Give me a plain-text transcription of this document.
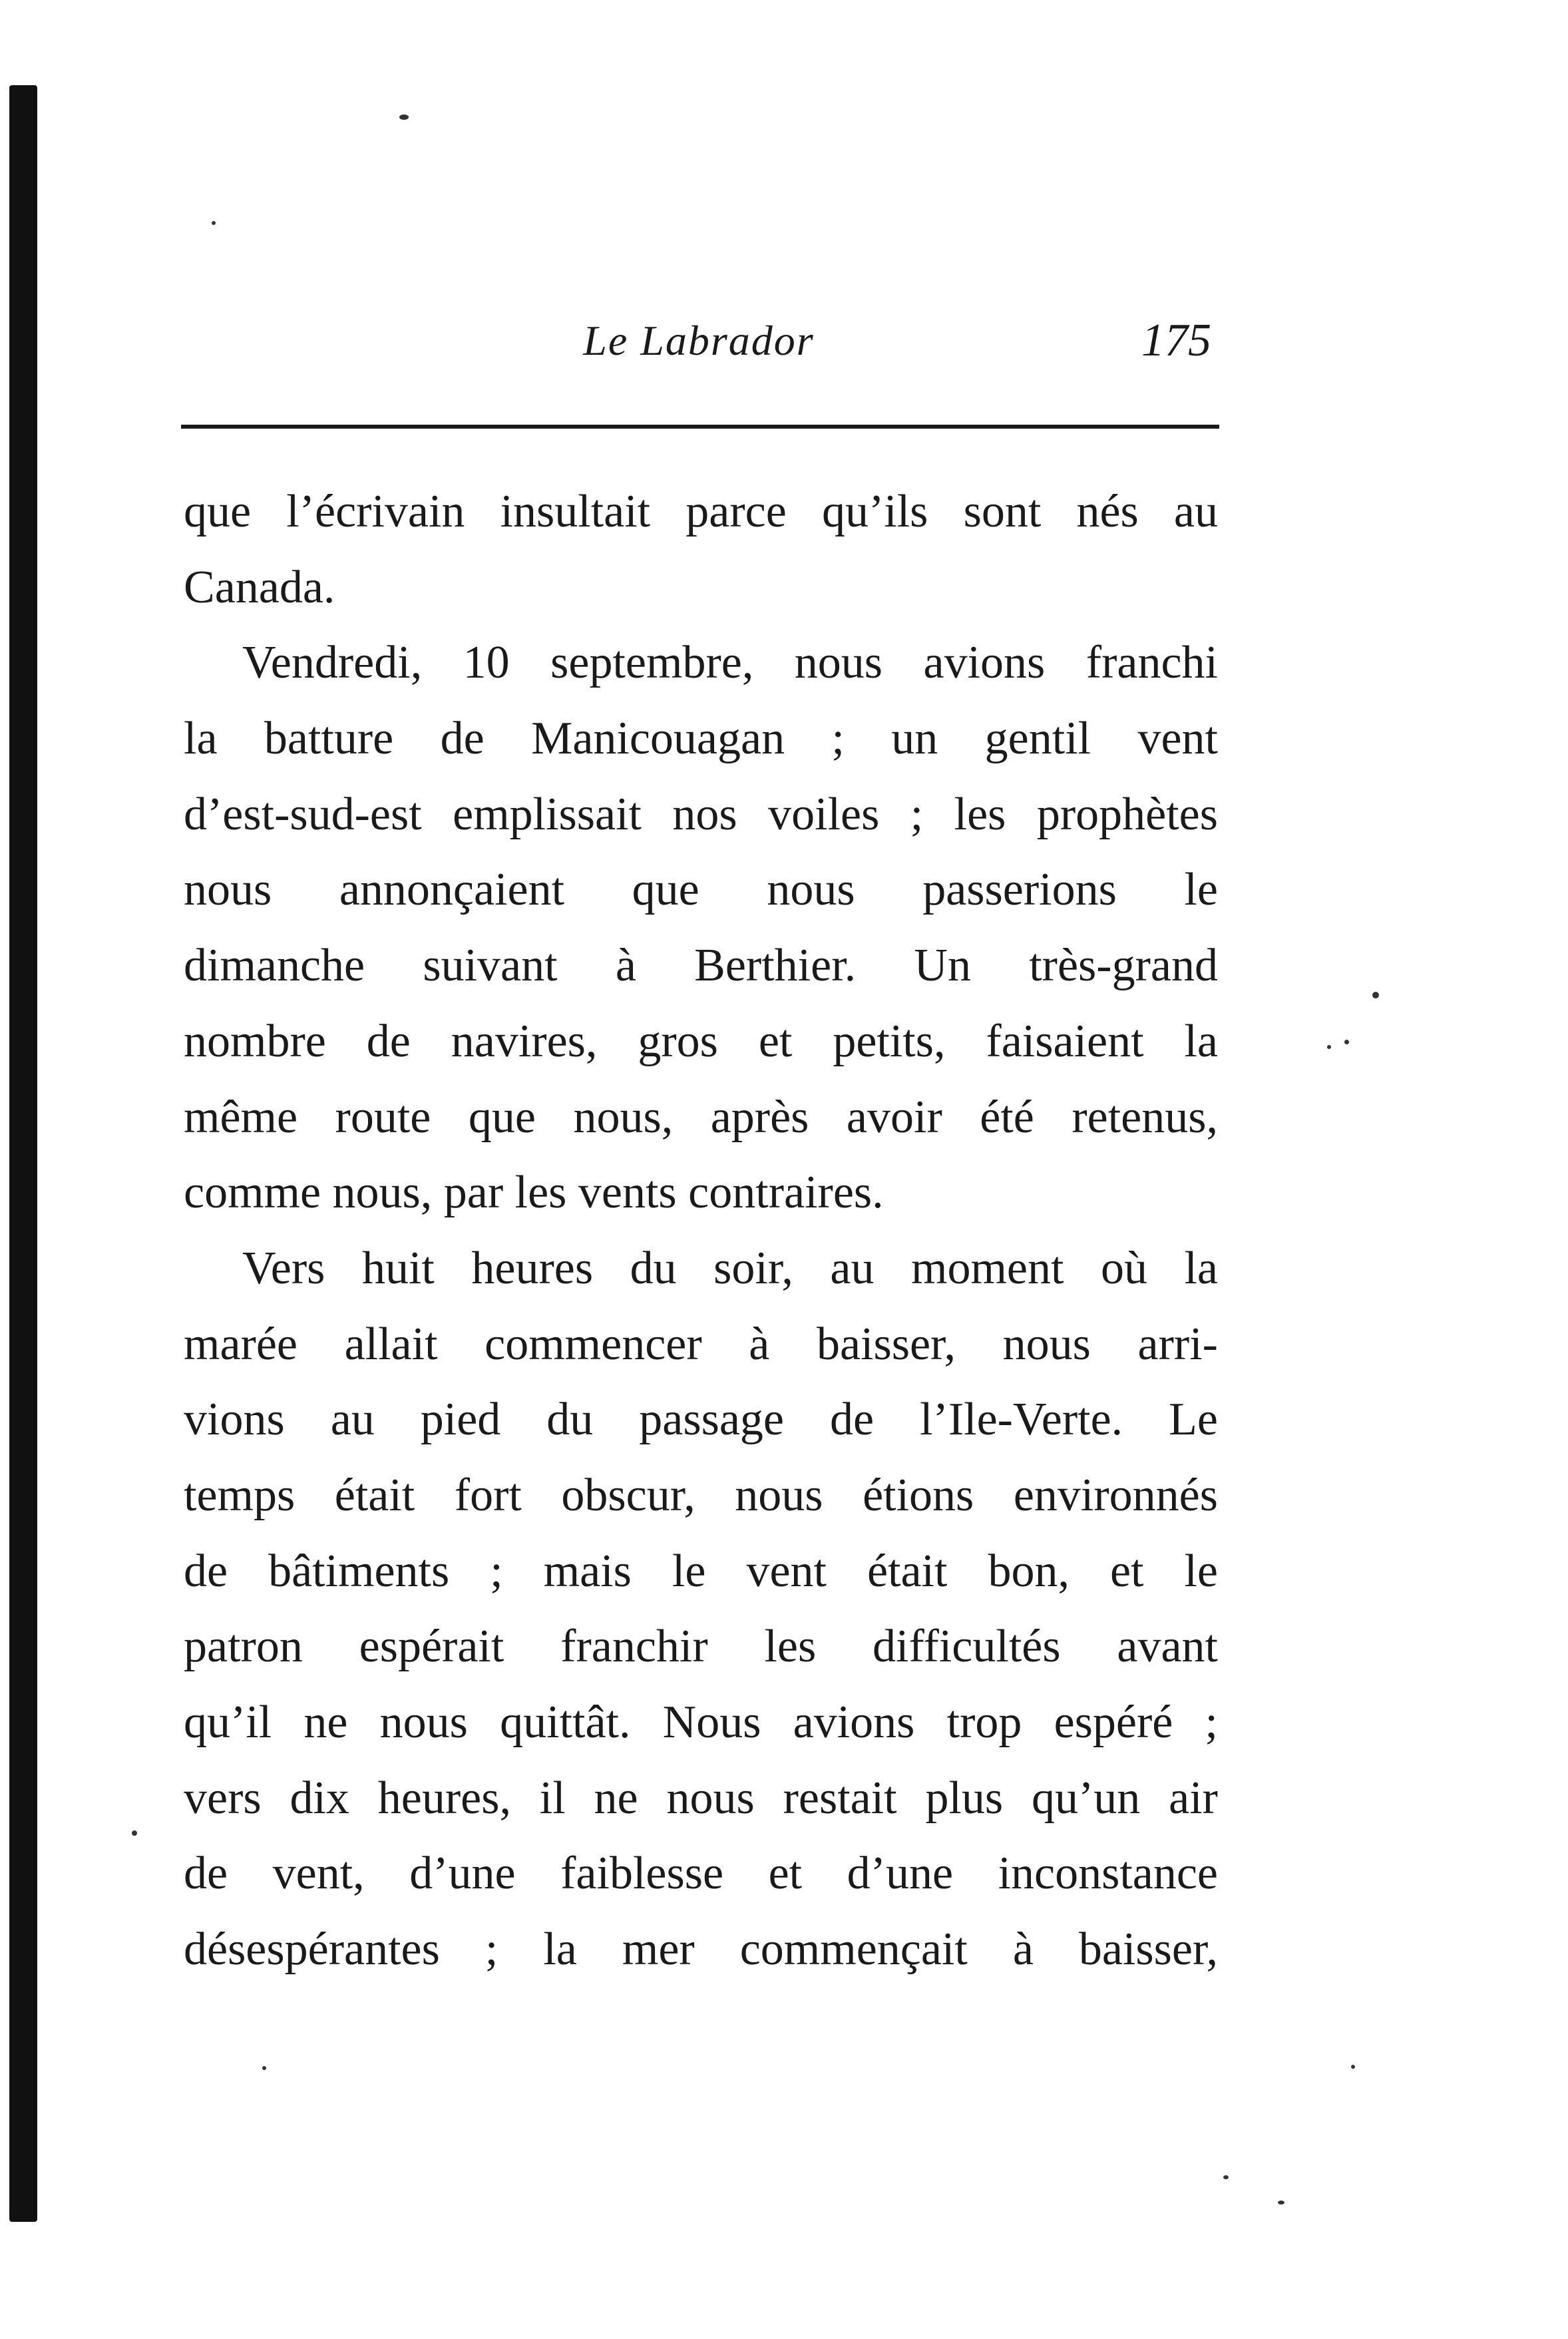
Le Labrador	175
que l’écrivain insultait parce qu’ils sont nés au
Canada.
Vendredi, 10 septembre, nous avions franchi
la batture de Manicouagan ; un gentil vent
d’est-sud-est emplissait nos voiles ; les prophètes
nous annonçaient que nous passerions le
dimanche suivant à Berthier. Un très-grand
nombre de navires, gros et petits, faisaient la
même route que nous, après avoir été retenus,
comme nous, par les vents contraires.
Vers huit heures du soir, au moment où la
marée allait commencer à baisser, nous arri-
vions au pied du passage de l’Ile-Verte. Le
temps était fort obscur, nous étions environnés
de bâtiments ; mais le vent était bon, et le
patron espérait franchir les difficultés avant
qu’il ne nous quittât. Nous avions trop espéré ;
vers dix heures, il ne nous restait plus qu’un air
de vent, d’une faiblesse et d’une inconstance
désespérantes ; la mer commençait à baisser,
